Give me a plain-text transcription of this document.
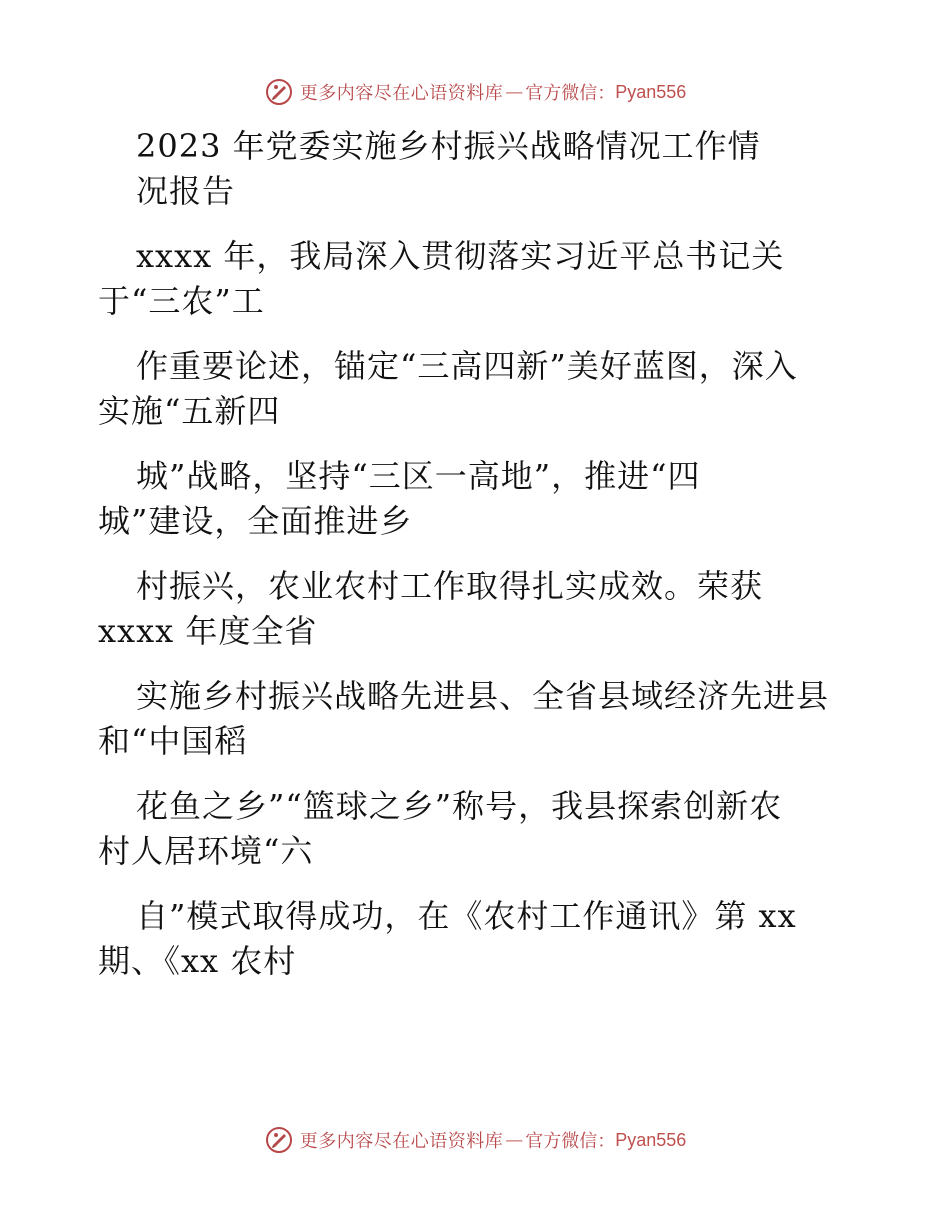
更多内容尽在心语资料库 — 官方微信： Pyan556
2023 年党委实施乡村振兴战略情况工作情
况报告
xxxx 年，我局深入贯彻落实习近平总书记关
于“三农”工
作重要论述，锚定“三高四新”美好蓝图，深入
实施“五新四
城”战略，坚持“三区一高地”，推进“四
城”建设，全面推进乡
村振兴，农业农村工作取得扎实成效。荣获
xxxx 年度全省
实施乡村振兴战略先进县、全省县域经济先进县
和“中国稻
花鱼之乡”“篮球之乡”称号，我县探索创新农
村人居环境“六
自”模式取得成功，在《农村工作通讯》第 xx
期、《xx 农村
更多内容尽在心语资料库 — 官方微信： Pyan556
